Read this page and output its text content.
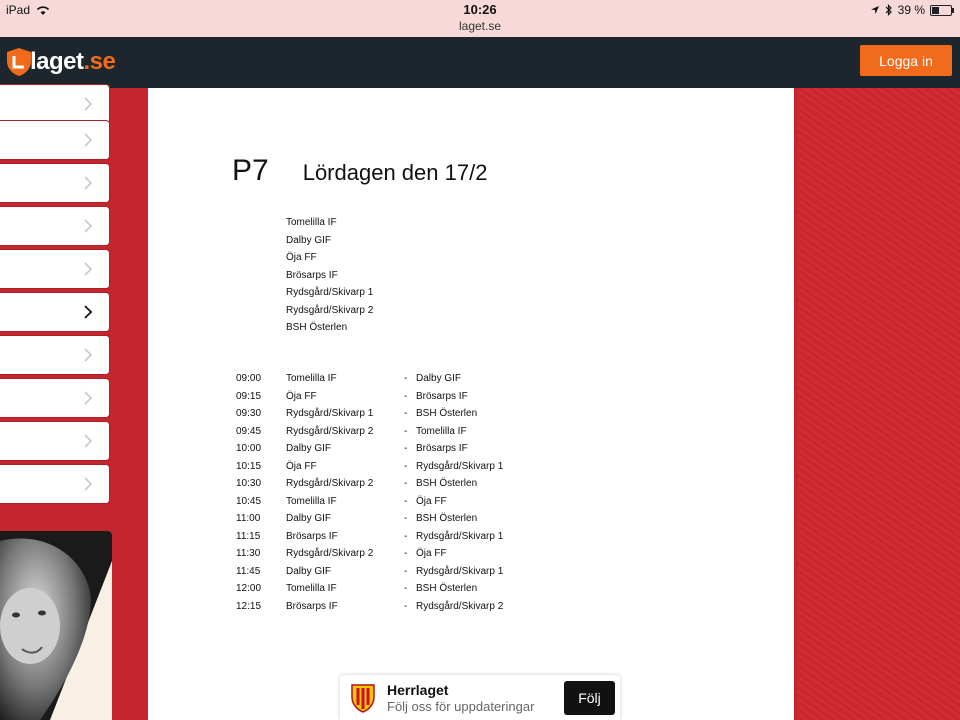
iPad	10:26
laget.se
39 %
laget.se	Logga in
P7 Lördagen den 17/2
Tomelilla IF
Dalby GIF
Öja FF
Brösarps IF
Rydsgård/Skivarp 1
Rydsgård/Skivarp 2
BSH Österlen
09:00 Tomelilla IF	- Dalby GIF
09:15 Öja FF	- Brösarps IF
09:30 Rydsgård/Skivarp 1	- BSH Österlen
09:45 Rydsgård/Skivarp 2	- Tomelilla IF
10:00 Dalby GIF	- Brösarps IF
10:15 Öja FF	- Rydsgård/Skivarp 1
10:30 Rydsgård/Skivarp 2	- BSH Österlen
10:45 Tomelilla IF	- Öja FF
11:00	Dalby GIF	- BSH Österlen
11:15	Brösarps IF	- Rydsgård/Skivarp 1
11:30	Rydsgård/Skivarp 2	- Öja FF
11:45	Dalby GIF	- Rydsgård/Skivarp 1
12:00 Tomelilla IF	- BSH Österlen
12:15 Brösarps IF	- Rydsgård/Skivarp 2
Herrlaget
Följ oss för uppdateringar
Följ
